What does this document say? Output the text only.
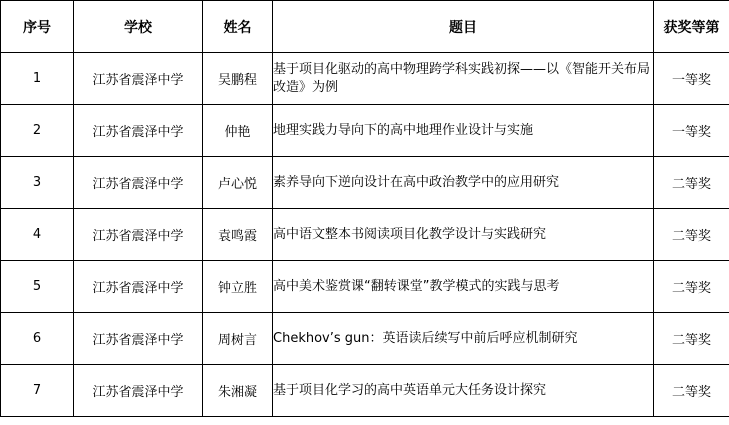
序号	学校	姓名	题目	获奖等第
1	江苏省震泽中学	吴鹏程	基于项目化驱动的高中物理跨学科实践初探——以《智能开关布局改造》为例	一等奖
2	江苏省震泽中学	仲艳	地理实践力导向下的高中地理作业设计与实施	一等奖
3	江苏省震泽中学	卢心悦	素养导向下逆向设计在高中政治教学中的应用研究	二等奖
4	江苏省震泽中学	袁鸣霞	高中语文整本书阅读项目化教学设计与实践研究	二等奖
5	江苏省震泽中学	钟立胜	高中美术鉴赏课“翻转课堂”教学模式的实践与思考	二等奖
6	江苏省震泽中学	周树言	Chekhov’s gun：英语读后续写中前后呼应机制研究	二等奖
7	江苏省震泽中学	朱湘凝	基于项目化学习的高中英语单元大任务设计探究	二等奖
